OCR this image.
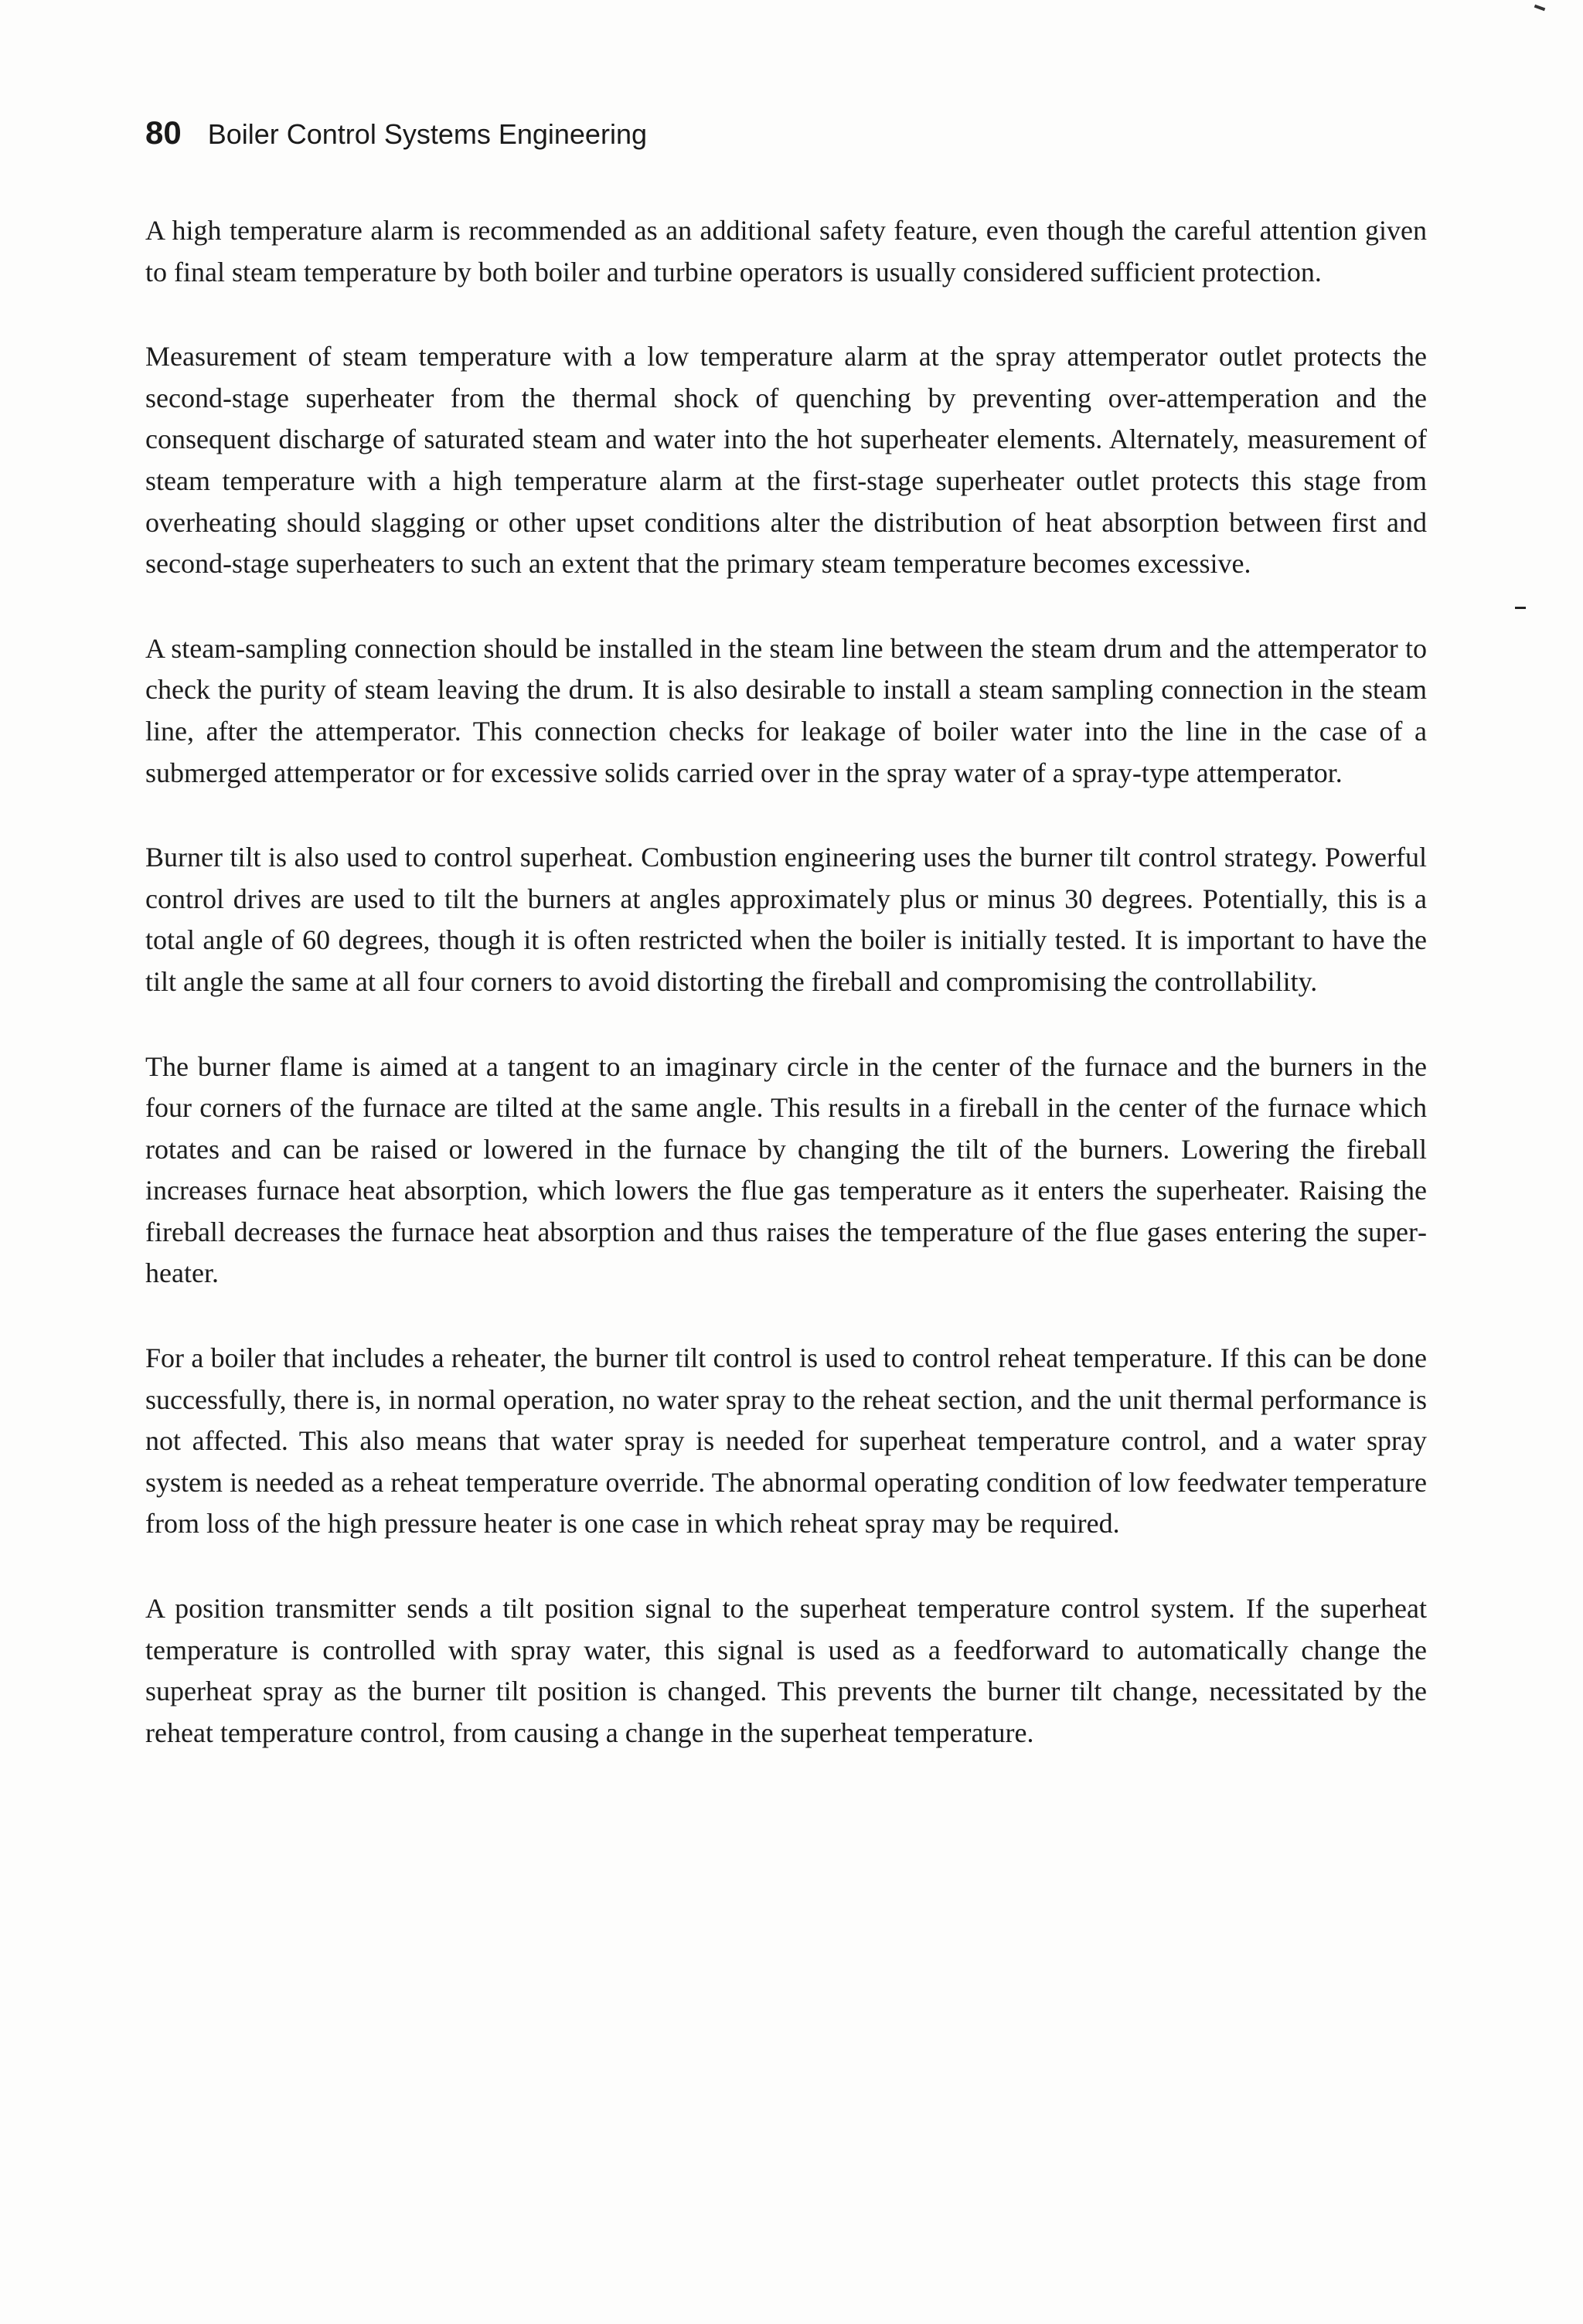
80 Boiler Control Systems Engineering

A high temperature alarm is recommended as an additional safety feature, even though the careful attention given to final steam temperature by both boiler and turbine operators is usually considered sufficient protection.

Measurement of steam temperature with a low temperature alarm at the spray attemperator outlet protects the second-stage superheater from the thermal shock of quenching by preventing over-attemperation and the consequent discharge of saturated steam and water into the hot superheater elements. Alternately, measurement of steam temperature with a high temperature alarm at the first-stage superheater outlet protects this stage from overheating should slagging or other upset conditions alter the distribution of heat absorption between first and second-stage superheaters to such an extent that the primary steam temperature becomes excessive.

A steam-sampling connection should be installed in the steam line between the steam drum and the attemperator to check the purity of steam leaving the drum. It is also desirable to install a steam sampling connection in the steam line, after the attemperator. This connection checks for leakage of boiler water into the line in the case of a submerged attemperator or for excessive solids carried over in the spray water of a spray-type attemperator.

Burner tilt is also used to control superheat. Combustion engineering uses the burner tilt control strategy. Powerful control drives are used to tilt the burners at angles approximately plus or minus 30 degrees. Potentially, this is a total angle of 60 degrees, though it is often restricted when the boiler is initially tested. It is important to have the tilt angle the same at all four corners to avoid distorting the fireball and compromising the controllability.

The burner flame is aimed at a tangent to an imaginary circle in the center of the furnace and the burners in the four corners of the furnace are tilted at the same angle. This results in a fireball in the center of the furnace which rotates and can be raised or lowered in the furnace by changing the tilt of the burners. Lowering the fireball increases furnace heat absorption, which lowers the flue gas temperature as it enters the superheater. Raising the fireball decreases the furnace heat absorption and thus raises the temperature of the flue gases entering the superheater.

For a boiler that includes a reheater, the burner tilt control is used to control reheat temperature. If this can be done successfully, there is, in normal operation, no water spray to the reheat section, and the unit thermal performance is not affected. This also means that water spray is needed for superheat temperature control, and a water spray system is needed as a reheat temperature override. The abnormal operating condition of low feedwater temperature from loss of the high pressure heater is one case in which reheat spray may be required.

A position transmitter sends a tilt position signal to the superheat temperature control system. If the superheat temperature is controlled with spray water, this signal is used as a feedforward to automatically change the superheat spray as the burner tilt position is changed. This prevents the burner tilt change, necessitated by the reheat temperature control, from causing a change in the superheat temperature.
